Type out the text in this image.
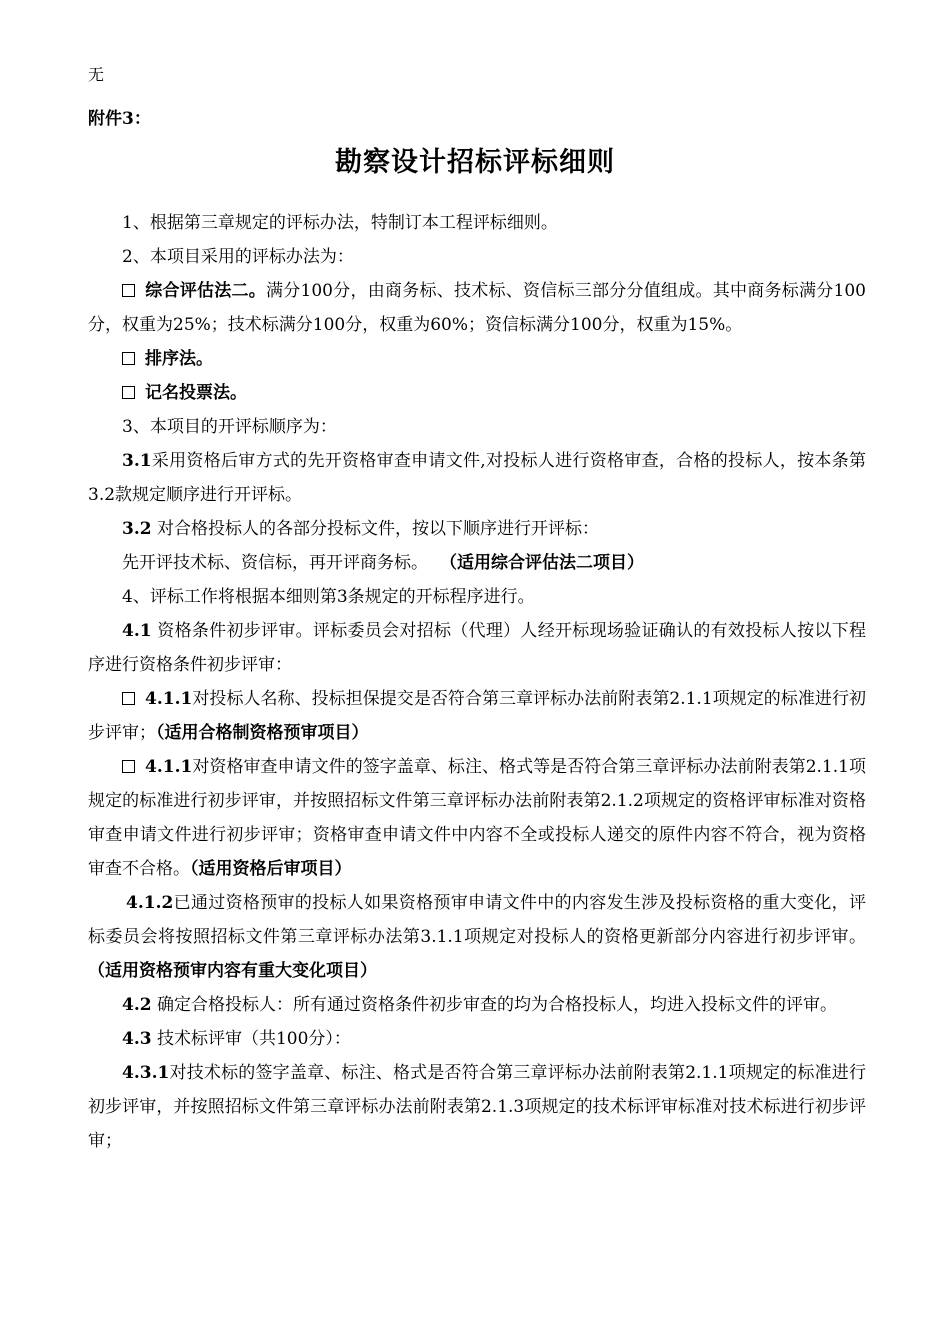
无
附件3：
勘察设计招标评标细则

1、根据第三章规定的评标办法，特制订本工程评标细则。

2、本项目采用的评标办法为：

综合评估法二。满分100分，由商务标、技术标、资信标三部分分值组成。其中商务标满分100分，权重为25%；技术标满分100分，权重为60%；资信标满分100分，权重为15%。

排序法。

记名投票法。

3、本项目的开评标顺序为：

3.1采用资格后审方式的先开资格审查申请文件,对投标人进行资格审查，合格的投标人，按本条第3.2款规定顺序进行开评标。

3.2 对合格投标人的各部分投标文件，按以下顺序进行开评标：

先开评技术标、资信标，再开评商务标。 （适用综合评估法二项目）

4、评标工作将根据本细则第3条规定的开标程序进行。

4.1 资格条件初步评审。评标委员会对招标（代理）人经开标现场验证确认的有效投标人按以下程序进行资格条件初步评审：

4.1.1对投标人名称、投标担保提交是否符合第三章评标办法前附表第2.1.1项规定的标准进行初步评审；（适用合格制资格预审项目）

4.1.1对资格审查申请文件的签字盖章、标注、格式等是否符合第三章评标办法前附表第2.1.1项规定的标准进行初步评审，并按照招标文件第三章评标办法前附表第2.1.2项规定的资格评审标准对资格审查申请文件进行初步评审；资格审查申请文件中内容不全或投标人递交的原件内容不符合，视为资格审查不合格。（适用资格后审项目）

4.1.2已通过资格预审的投标人如果资格预审申请文件中的内容发生涉及投标资格的重大变化，评标委员会将按照招标文件第三章评标办法第3.1.1项规定对投标人的资格更新部分内容进行初步评审。（适用资格预审内容有重大变化项目）

4.2 确定合格投标人：所有通过资格条件初步审查的均为合格投标人，均进入投标文件的评审。

4.3 技术标评审（共100分）：

4.3.1对技术标的签字盖章、标注、格式是否符合第三章评标办法前附表第2.1.1项规定的标准进行初步评审，并按照招标文件第三章评标办法前附表第2.1.3项规定的技术标评审标准对技术标进行初步评审；
